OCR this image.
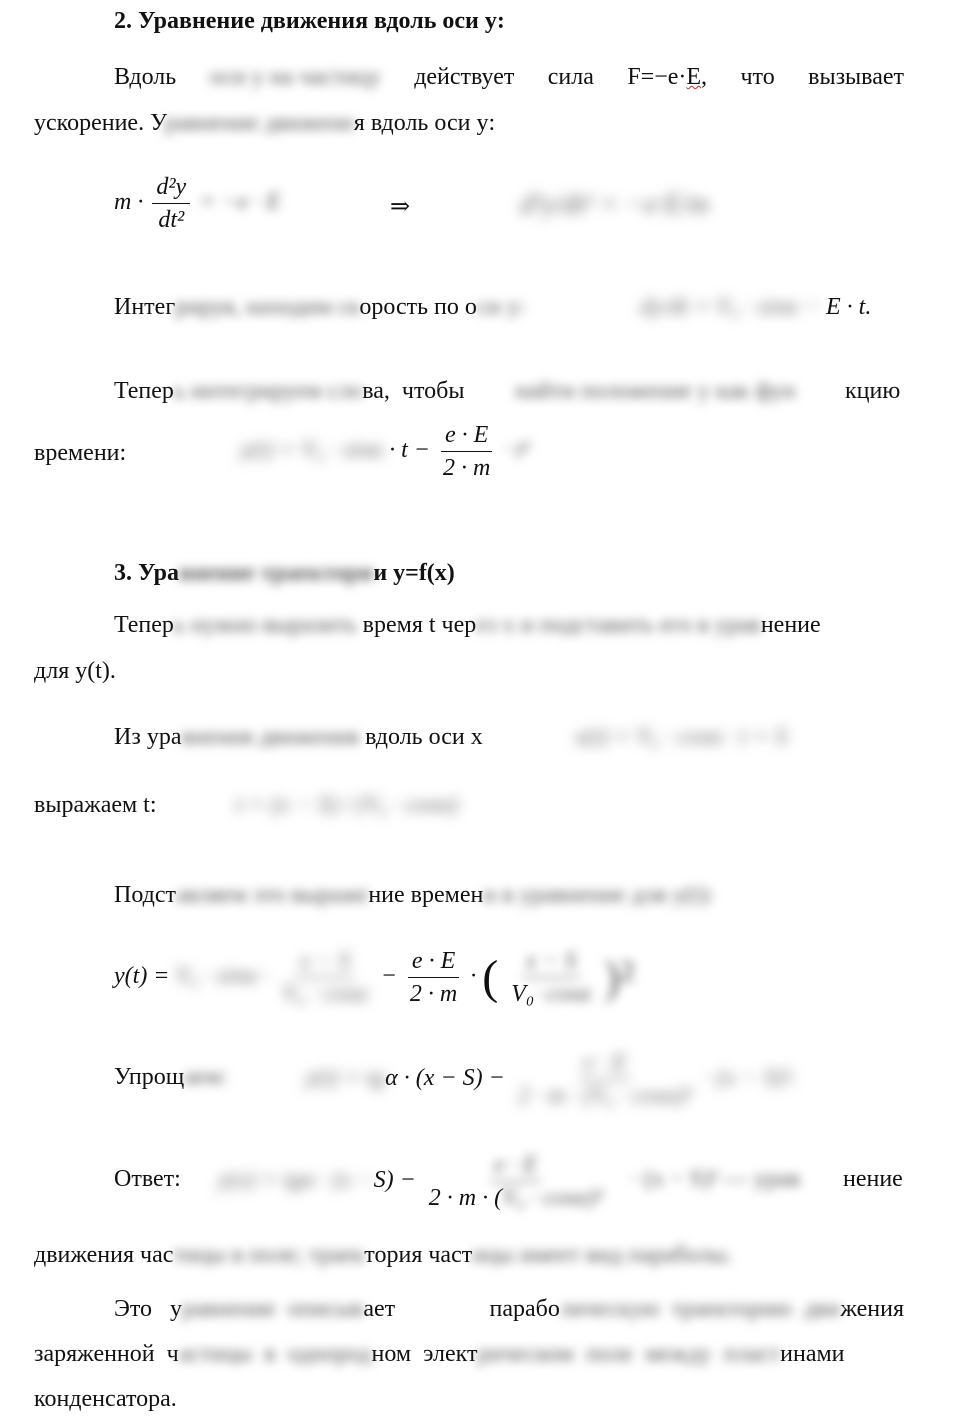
2. Уравнение движения вдоль оси y:
Вдоль оси y на частицу действует сила F=−e·E, что вызывает
ускорение. Уравнение движения вдоль оси y:
$m \cdot \frac{\text{d²y}}{\text{dt²}} = -e \cdot E$	⇒	d²y/dt² = −e·E/m
Интегрируя, находим скорость по оси y:	dy/dt = V₀ · sinα − E · t.
Теперь интегрируем слова,  чтобы найти положение y как фун кцию
времени:	$y(t) = V_0 \cdot \sin\alpha \cdot t - \frac{e \cdot E}{2 \cdot m} \cdot t^2$
3. Уравнение траектории y=f(x)
Теперь нужно выразить время t через x и подставить его в уравнение
для y(t).
Из уравнения движения вдоль оси x	x(t) = V₀ · cosα · t + S
выражаем t:	t = (x − S) / (V₀ · cosα)
Подставляем это выражение времени в уравнение для y(t):
$y(t) = V_0 \cdot \sin\alpha \cdot \frac{x - S}{\text{V₀ · cosα}} - \frac{e \cdot E}{2 \cdot m}$ · ( $\frac{x - S}{\text{V₀· cosα}} )^2$
Упрощаем:	$y(t) = tg\alpha \cdot (x - S) - \frac{e \cdot E}{\text{2 · m · (V₀ · cosα)²}} \cdot (x - S)^2$.
Ответ: $y(x) = tg\alpha \cdot (x -S) - \frac{e \cdot E}{\text{2 · m · (V₀ · cosα)²}} \cdot (x - S)^2$ — урав нение
движения частицы в поле; траектория частицы имеет вид параболы.
Это   уравнение  описывает	параболическую  траекторию  движения
заряженной  частицы  в  однородном  электрическом  поле  между  пластинами
конденсатора.
